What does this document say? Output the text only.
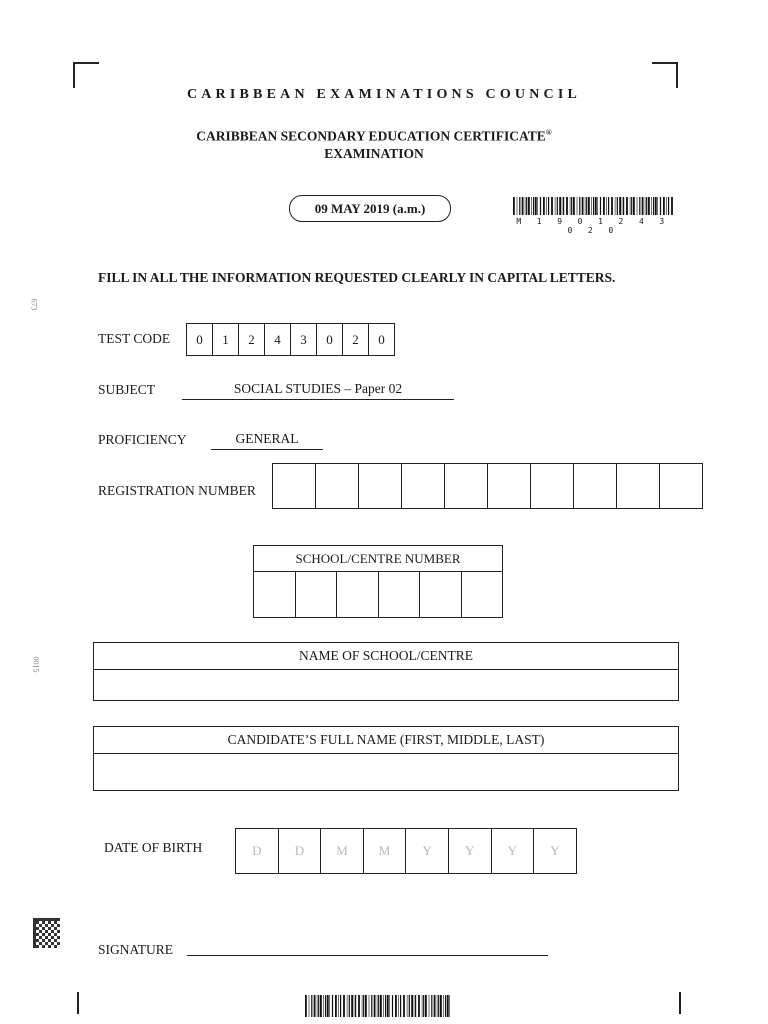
673
0015
CARIBBEAN EXAMINATIONS COUNCIL
CARIBBEAN SECONDARY EDUCATION CERTIFICATE®
EXAMINATION
09 MAY 2019 (a.m.)
M 1 9 0 1 2 4 3 0 2 0
FILL IN ALL THE INFORMATION REQUESTED CLEARLY IN CAPITAL LETTERS.
TEST CODE	0	1	2	4	3	0	2	0
SUBJECT	SOCIAL STUDIES – Paper 02
PROFICIENCY	GENERAL
REGISTRATION NUMBER
SCHOOL/CENTRE NUMBER
NAME OF SCHOOL/CENTRE
CANDIDATE’S FULL NAME (FIRST, MIDDLE, LAST)
DATE OF BIRTH	D	D	M	M	Y	Y	Y	Y
SIGNATURE
